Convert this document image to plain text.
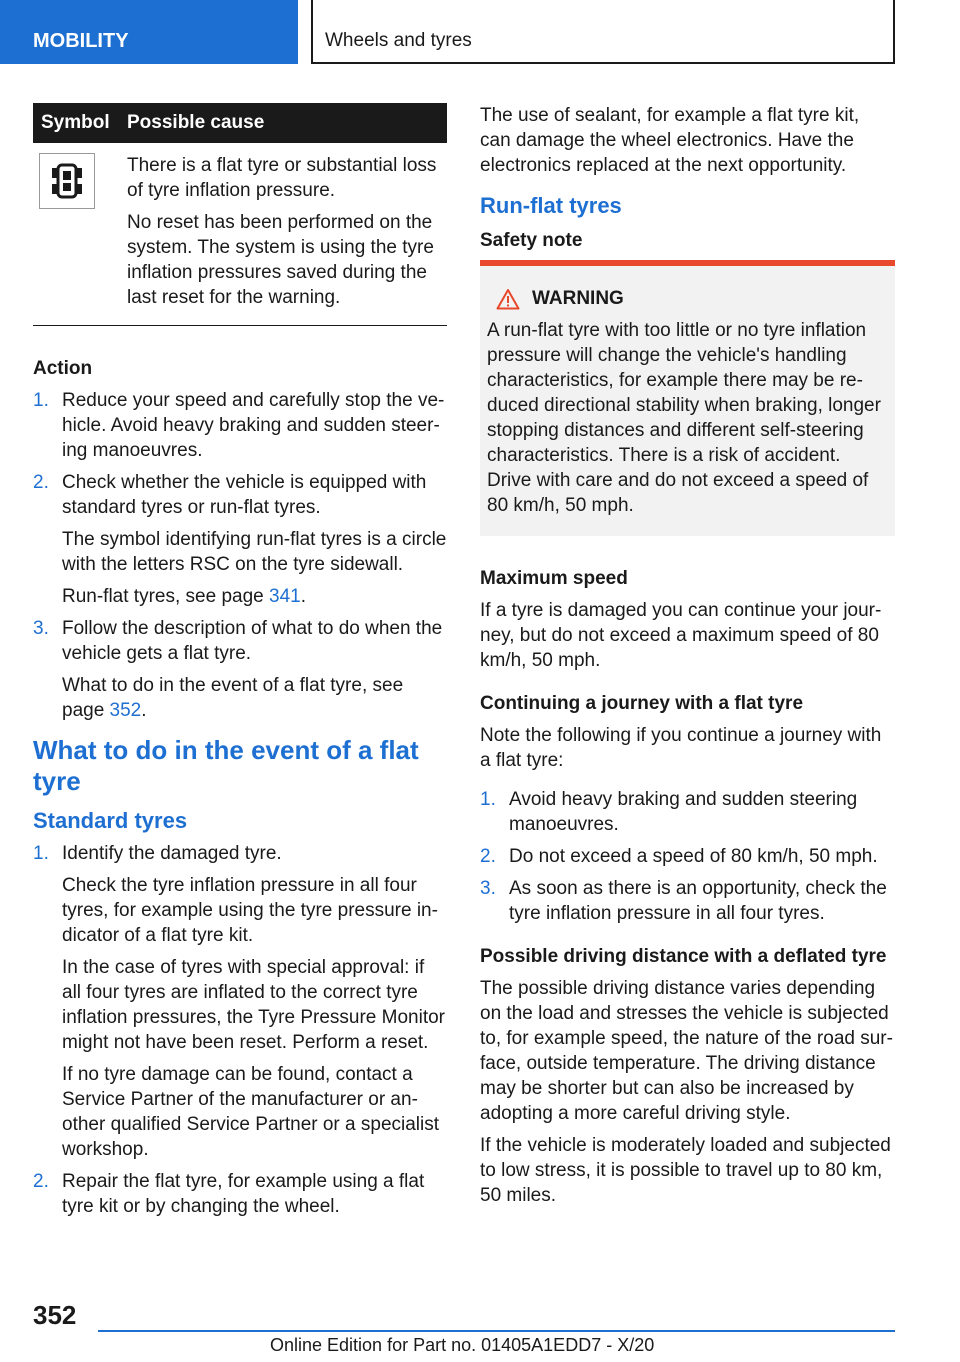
MOBILITY	Wheels and tyres
Symbol	Possible cause

There is a flat tyre or substantial loss of tyre inflation pressure.

No reset has been performed on the system. The system is using the tyre inflation pressures saved during the last reset for the warning.

Action
1. Reduce your speed and carefully stop the vehicle. Avoid heavy braking and sudden steering manoeuvres.
2. Check whether the vehicle is equipped with standard tyres or run-flat tyres.
The symbol identifying run-flat tyres is a circle with the letters RSC on the tyre sidewall.
Run-flat tyres, see page 341.
3. Follow the description of what to do when the vehicle gets a flat tyre.
What to do in the event of a flat tyre, see page 352.
What to do in the event of a flat tyre
Standard tyres
1. Identify the damaged tyre.
Check the tyre inflation pressure in all four tyres, for example using the tyre pressure indicator of a flat tyre kit.
In the case of tyres with special approval: if all four tyres are inflated to the correct tyre inflation pressures, the Tyre Pressure Monitor might not have been reset. Perform a reset.
If no tyre damage can be found, contact a Service Partner of the manufacturer or another qualified Service Partner or a specialist workshop.
2. Repair the flat tyre, for example using a flat tyre kit or by changing the wheel.

The use of sealant, for example a flat tyre kit, can damage the wheel electronics. Have the electronics replaced at the next opportunity.

Run-flat tyres
Safety note
WARNING

A run-flat tyre with too little or no tyre inflation pressure will change the vehicle's handling characteristics, for example there may be reduced directional stability when braking, longer stopping distances and different self-steering characteristics. There is a risk of accident. Drive with care and do not exceed a speed of 80 km/h, 50 mph.

Maximum speed

If a tyre is damaged you can continue your journey, but do not exceed a maximum speed of 80 km/h, 50 mph.

Continuing a journey with a flat tyre

Note the following if you continue a journey with a flat tyre:

1. Avoid heavy braking and sudden steering manoeuvres.
2. Do not exceed a speed of 80 km/h, 50 mph.
3. As soon as there is an opportunity, check the tyre inflation pressure in all four tyres.
Possible driving distance with a deflated tyre

The possible driving distance varies depending on the load and stresses the vehicle is subjected to, for example speed, the nature of the road surface, outside temperature. The driving distance may be shorter but can also be increased by adopting a more careful driving style.

If the vehicle is moderately loaded and subjected to low stress, it is possible to travel up to 80 km, 50 miles.

352
Online Edition for Part no. 01405A1EDD7 - X/20
